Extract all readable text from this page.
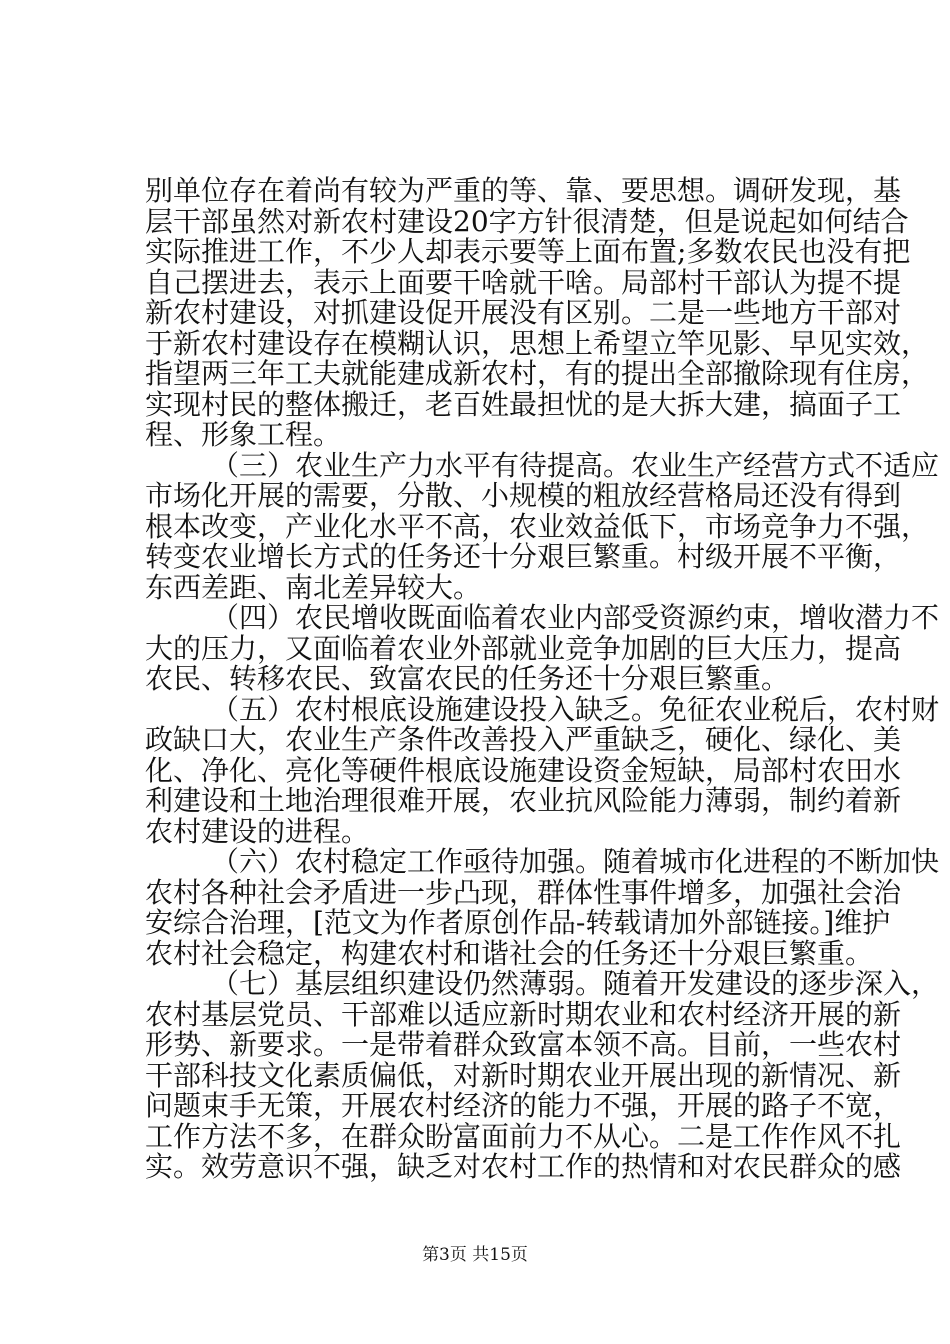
别单位存在着尚有较为严重的等、靠、要思想。调研发现，基
层干部虽然对新农村建设20字方针很清楚，但是说起如何结合
实际推进工作，不少人却表示要等上面布置;多数农民也没有把
自己摆进去，表示上面要干啥就干啥。局部村干部认为提不提
新农村建设，对抓建设促开展没有区别。二是一些地方干部对
于新农村建设存在模糊认识，思想上希望立竿见影、早见实效，
指望两三年工夫就能建成新农村，有的提出全部撤除现有住房，
实现村民的整体搬迁，老百姓最担忧的是大拆大建，搞面子工
程、形象工程。
（三）农业生产力水平有待提高。农业生产经营方式不适应
市场化开展的需要，分散、小规模的粗放经营格局还没有得到
根本改变，产业化水平不高，农业效益低下，市场竞争力不强，
转变农业增长方式的任务还十分艰巨繁重。村级开展不平衡，
东西差距、南北差异较大。
（四）农民增收既面临着农业内部受资源约束，增收潜力不
大的压力，又面临着农业外部就业竞争加剧的巨大压力，提高
农民、转移农民、致富农民的任务还十分艰巨繁重。
（五）农村根底设施建设投入缺乏。免征农业税后，农村财
政缺口大，农业生产条件改善投入严重缺乏，硬化、绿化、美
化、净化、亮化等硬件根底设施建设资金短缺，局部村农田水
利建设和土地治理很难开展，农业抗风险能力薄弱，制约着新
农村建设的进程。
（六）农村稳定工作亟待加强。随着城市化进程的不断加快
农村各种社会矛盾进一步凸现，群体性事件增多，加强社会治
安综合治理，[范文为作者原创作品-转载请加外部链接。]维护
农村社会稳定，构建农村和谐社会的任务还十分艰巨繁重。
（七）基层组织建设仍然薄弱。随着开发建设的逐步深入，
农村基层党员、干部难以适应新时期农业和农村经济开展的新
形势、新要求。一是带着群众致富本领不高。目前，一些农村
干部科技文化素质偏低，对新时期农业开展出现的新情况、新
问题束手无策，开展农村经济的能力不强，开展的路子不宽，
工作方法不多，在群众盼富面前力不从心。二是工作作风不扎
实。效劳意识不强，缺乏对农村工作的热情和对农民群众的感
第3页 共15页
